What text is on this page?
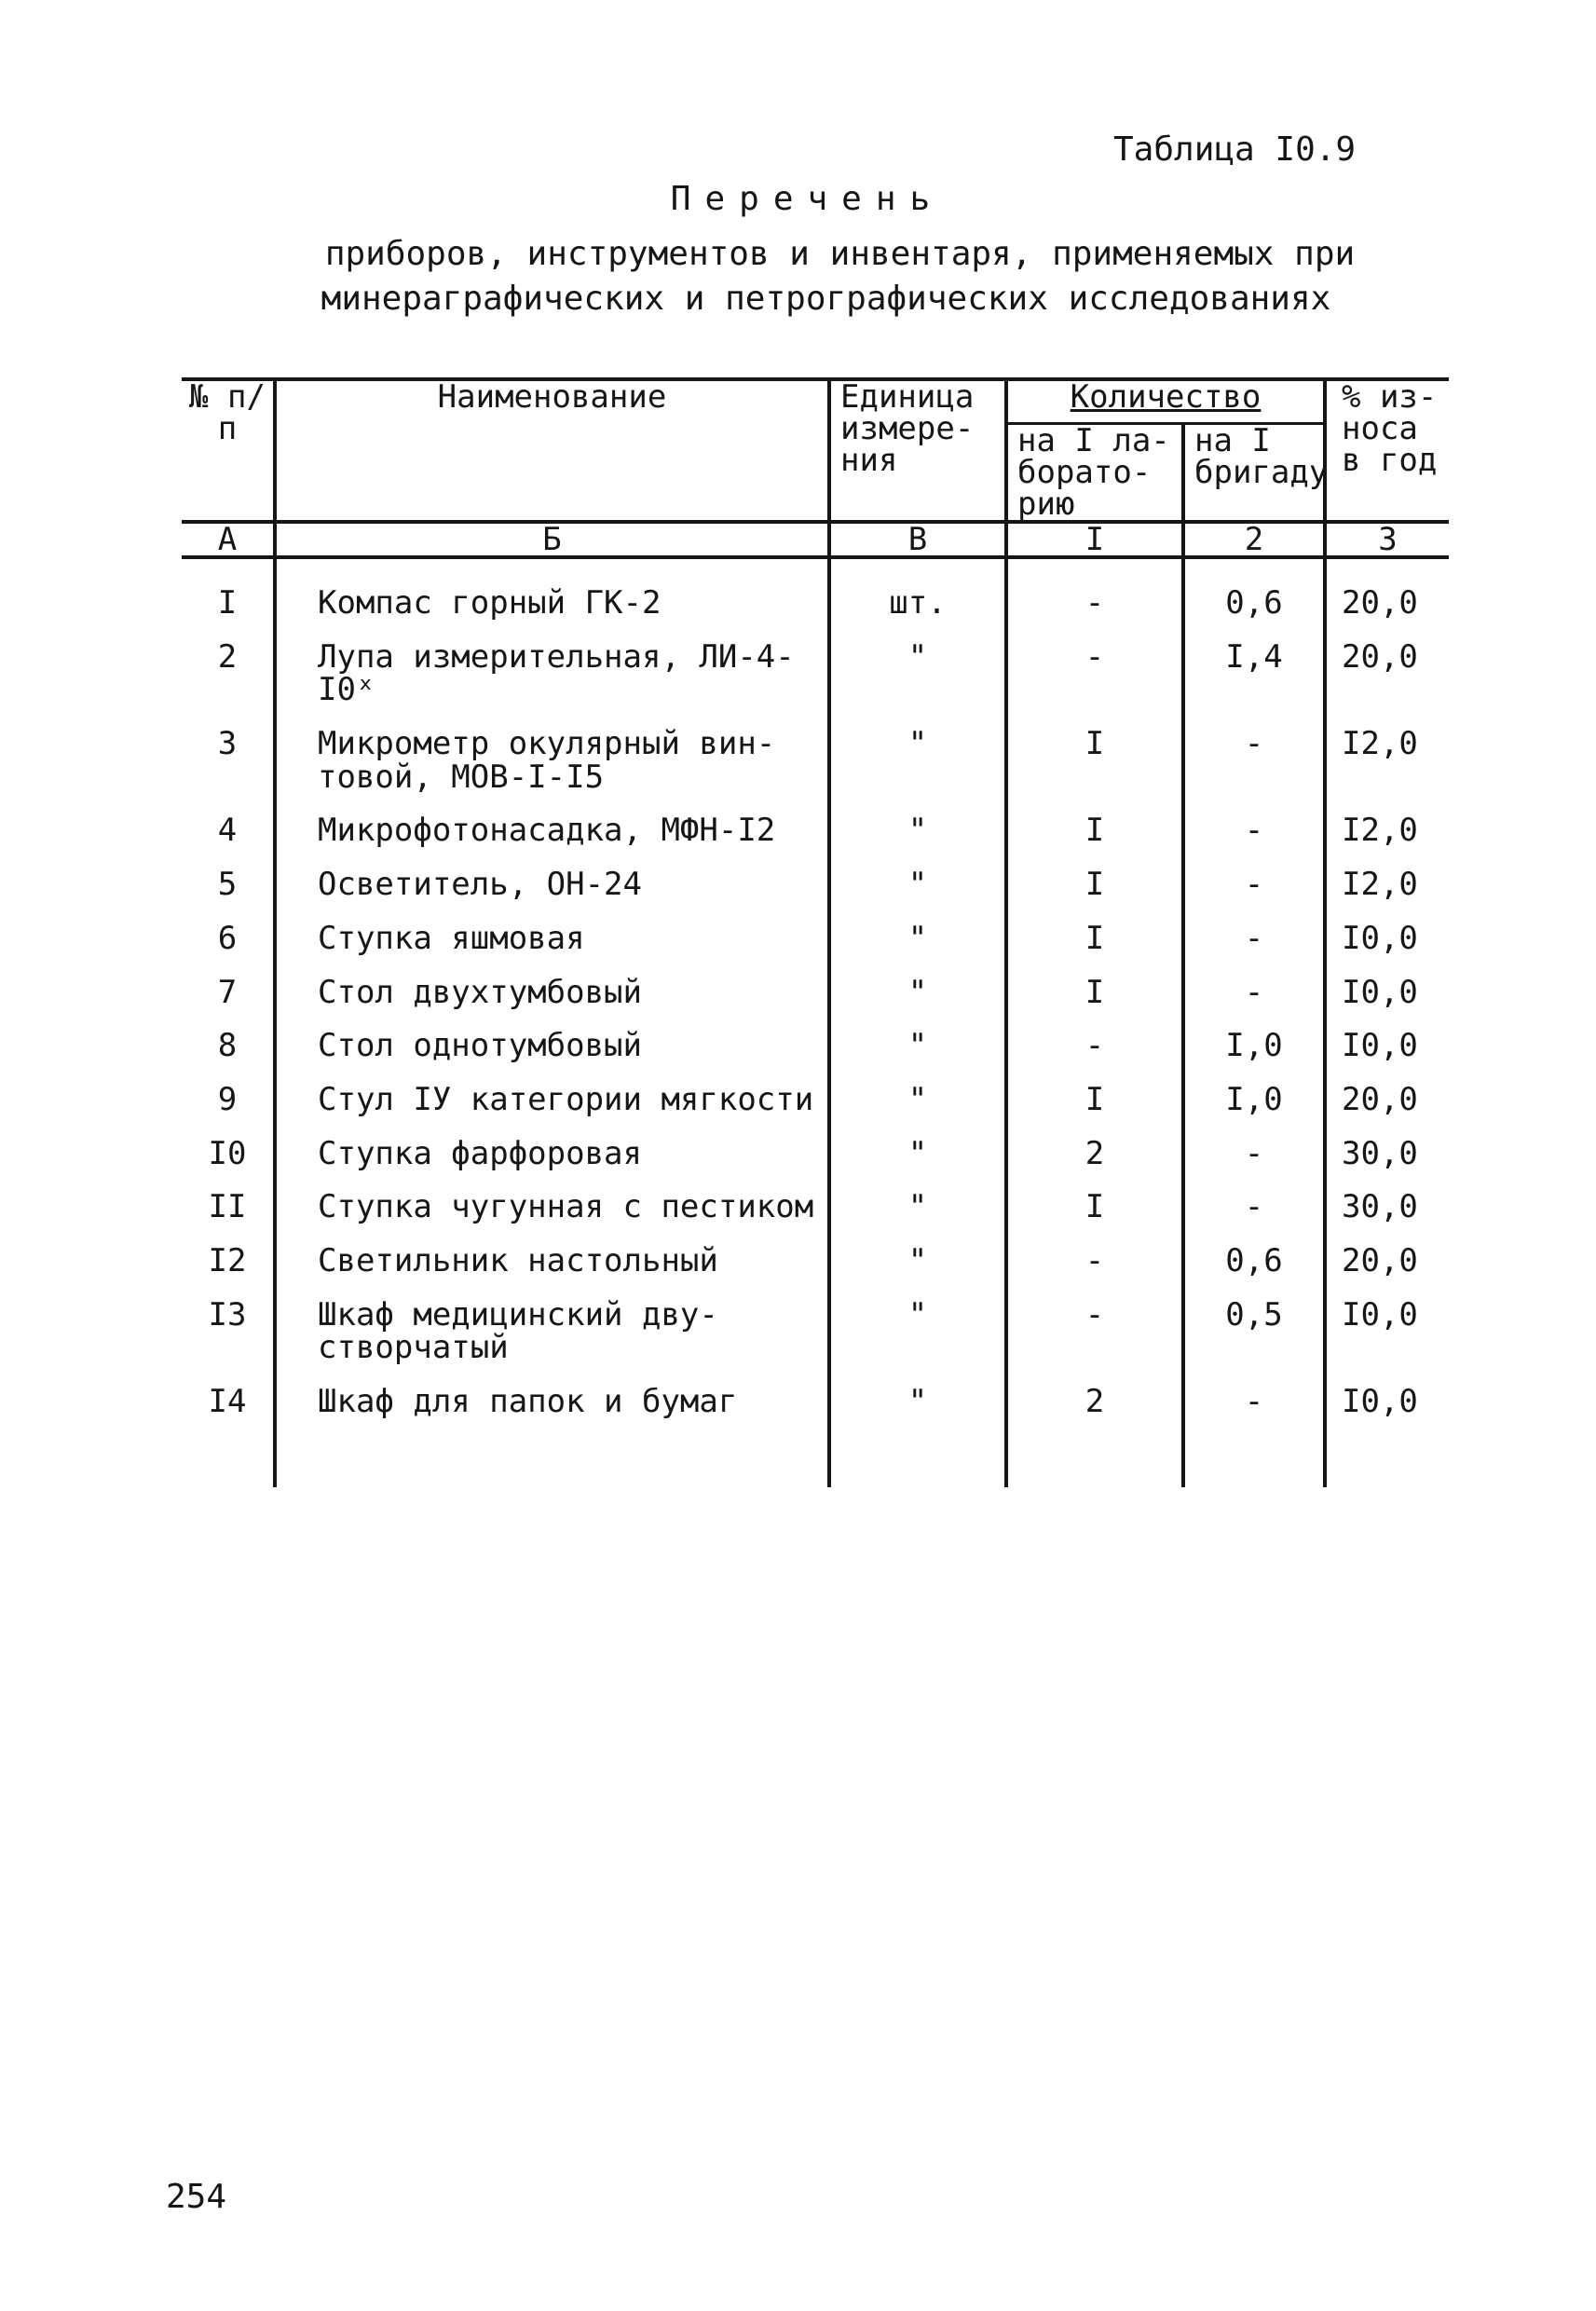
Таблица I0.9
Перечень
приборов, инструментов и инвентаря, применяемых при
минераграфических и петрографических исследованиях
№ п/п	Наименование	Единица измере-ния	Количество		% из-носа в год
			на I ла-борато-рию	на I бригаду	
А	Б	В	I	2	3
I	Компас горный ГК-2	шт.	-	0,6	20,0
2	Лупа измерительная, ЛИ-4-I0ˣ	"	-	I,4	20,0
3	Микрометр окулярный вин-товой, МОВ-I-I5	"	I	-	I2,0
4	Микрофотонасадка, МФН-I2	"	I	-	I2,0
5	Осветитель, ОН-24	"	I	-	I2,0
6	Ступка яшмовая	"	I	-	I0,0
7	Стол двухтумбовый	"	I	-	I0,0
8	Стол однотумбовый	"	-	I,0	I0,0
9	Стул IУ категории мягкости	"	I	I,0	20,0
I0	Ступка фарфоровая	"	2	-	30,0
II	Ступка чугунная с пестиком	"	I	-	30,0
I2	Светильник настольный	"	-	0,6	20,0
I3	Шкаф медицинский дву-створчатый	"	-	0,5	I0,0
I4	Шкаф для папок и бумаг	"	2	-	I0,0

254
